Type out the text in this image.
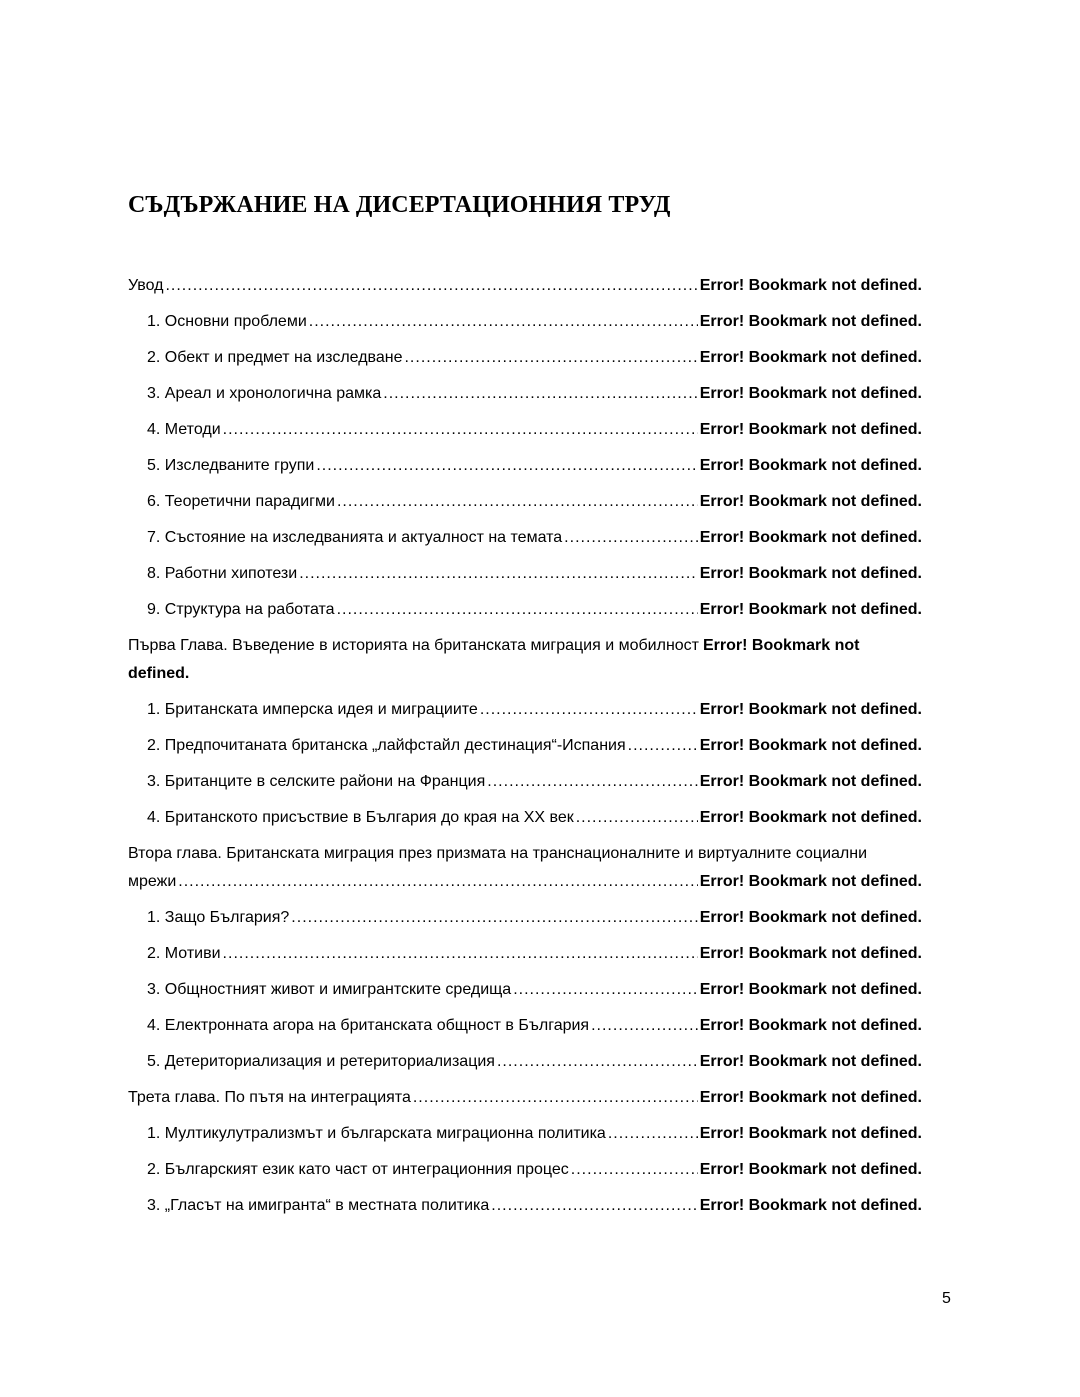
СЪДЪРЖАНИЕ НА ДИСЕРТАЦИОННИЯ ТРУД
Увод .....	Error! Bookmark not defined.
1. Основни проблеми .....	Error! Bookmark not defined.
2. Обект и предмет на изследване .....	Error! Bookmark not defined.
3. Ареал и хронологична рамка .....	Error! Bookmark not defined.
4. Методи .....	Error! Bookmark not defined.
5. Изследваните групи .....	Error! Bookmark not defined.
6. Теоретични парадигми .....	Error! Bookmark not defined.
7. Състояние на изследванията и актуалност на темата .....	Error! Bookmark not defined.
8. Работни хипотези .....	Error! Bookmark not defined.
9. Структура на работата .....	Error! Bookmark not defined.
Първа Глава. Въведение в историята на британската миграция и мобилност Error! Bookmark not
defined.
1. Британската имперска идея и миграциите .....	Error! Bookmark not defined.
2. Предпочитаната британска „лайфстайл дестинация“-Испания .....	Error! Bookmark not defined.
3. Британците в селските райони на Франция .....	Error! Bookmark not defined.
4. Британското присъствие в България до края на ХХ век .....	Error! Bookmark not defined.
Втора глава. Британската миграция през призмата на транснационалните и виртуалните социални
мрежи .....	Error! Bookmark not defined.
1. Защо България? .....	Error! Bookmark not defined.
2. Мотиви .....	Error! Bookmark not defined.
3. Общностният живот и имигрантските средища .....	Error! Bookmark not defined.
4. Електронната агора на британската общност в България .....	Error! Bookmark not defined.
5. Детериториализация и ретериториализация .....	Error! Bookmark not defined.
Трета глава. По пътя на интеграцията .....	Error! Bookmark not defined.
1. Мултикулутрализмът и българската миграционна политика .....	Error! Bookmark not defined.
2. Българският език като част от интеграционния процес .....	Error! Bookmark not defined.
3. „Гласът на имигранта“ в местната политика .....	Error! Bookmark not defined.
5
